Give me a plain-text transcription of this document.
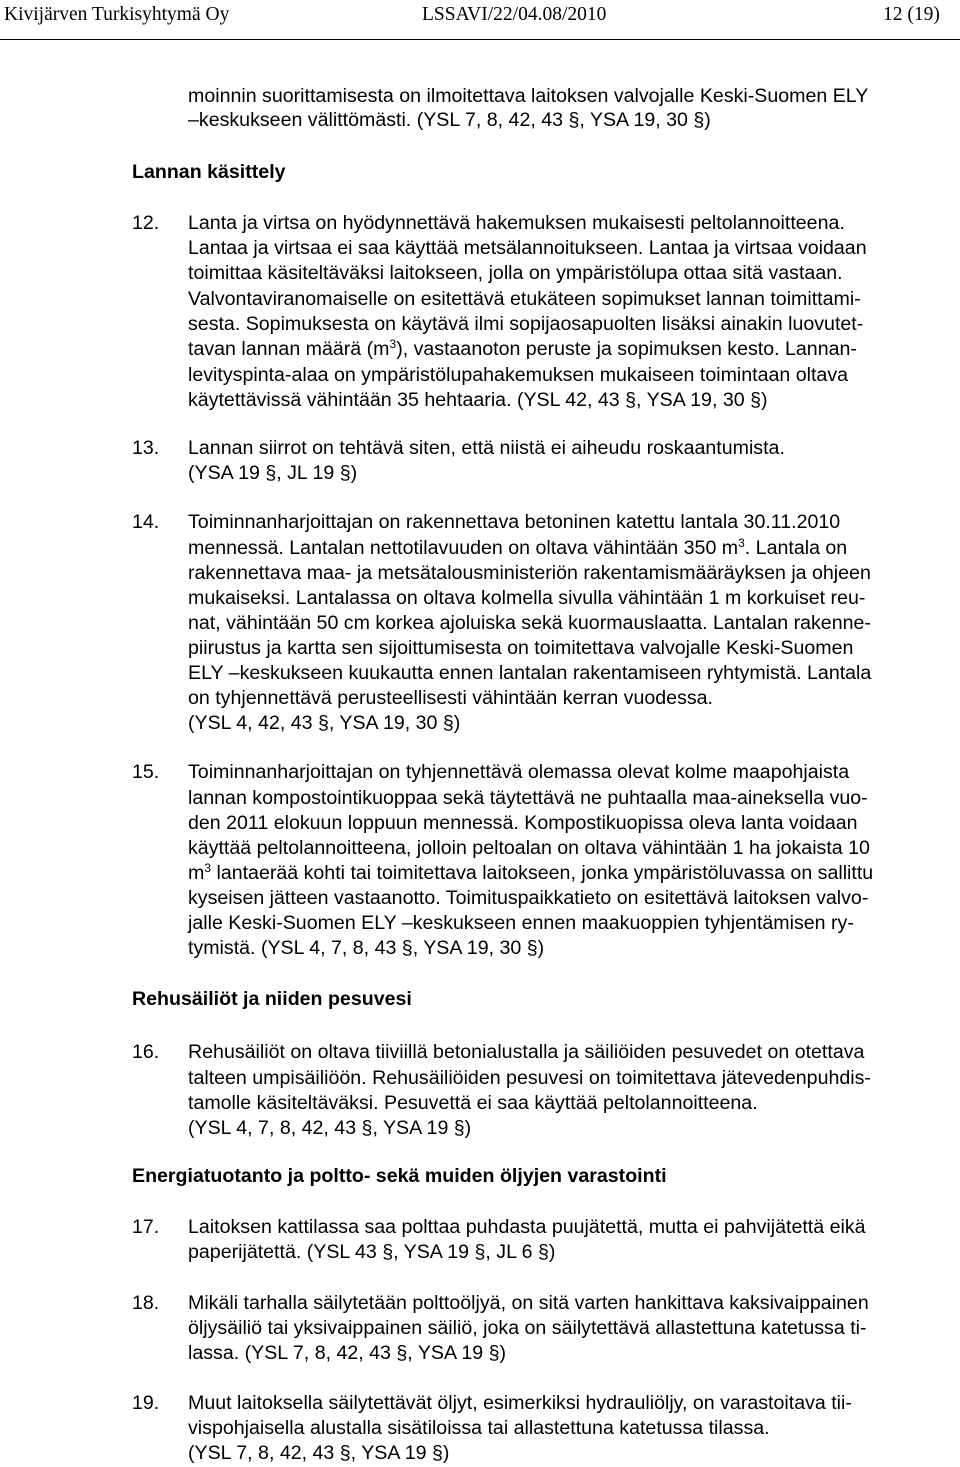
Kivijärven Turkisyhtymä Oy	LSSAVI/22/04.08/2010	12 (19)
moinnin suorittamisesta on ilmoitettava laitoksen valvojalle Keski-Suomen ELY
–keskukseen välittömästi. (YSL 7, 8, 42, 43 §, YSA 19, 30 §)
Lannan käsittely
12. Lanta ja virtsa on hyödynnettävä hakemuksen mukaisesti peltolannoitteena.
Lantaa ja virtsaa ei saa käyttää metsälannoitukseen. Lantaa ja virtsaa voidaan
toimittaa käsiteltäväksi laitokseen, jolla on ympäristölupa ottaa sitä vastaan.
Valvontaviranomaiselle on esitettävä etukäteen sopimukset lannan toimittami-
sesta. Sopimuksesta on käytävä ilmi sopijaosapuolten lisäksi ainakin luovutet-
tavan lannan määrä $(m^3)$, vastaanoton peruste ja sopimuksen kesto. Lannan-
levityspinta-alaa on ympäristölupahakemuksen mukaiseen toimintaan oltava
käytettävissä vähintään 35 hehtaaria. (YSL 42, 43 §, YSA 19, 30 §)
13. Lannan siirrot on tehtävä siten, että niistä ei aiheudu roskaantumista.
(YSA 19 §, JL 19 §)
14. Toiminnanharjoittajan on rakennettava betoninen katettu lantala 30.11.2010
mennessä. Lantalan nettotilavuuden on oltava vähintään 350 $m^3$. Lantala on
rakennettava maa- ja metsätalousministeriön rakentamismääräyksen ja ohjeen
mukaiseksi. Lantalassa on oltava kolmella sivulla vähintään 1 m korkuiset reu-
nat, vähintään 50 cm korkea ajoluiska sekä kuormauslaatta. Lantalan rakenne-
piirustus ja kartta sen sijoittumisesta on toimitettava valvojalle Keski-Suomen
ELY –keskukseen kuukautta ennen lantalan rakentamiseen ryhtymistä. Lantala
on tyhjennettävä perusteellisesti vähintään kerran vuodessa.
(YSL 4, 42, 43 §, YSA 19, 30 §)
15. Toiminnanharjoittajan on tyhjennettävä olemassa olevat kolme maapohjaista
lannan kompostointikuoppaa sekä täytettävä ne puhtaalla maa-aineksella vuo-
den 2011 elokuun loppuun mennessä. Kompostikuopissa oleva lanta voidaan
käyttää peltolannoitteena, jolloin peltoalan on oltava vähintään 1 ha jokaista 10
$m^3$ lantaerää kohti tai toimitettava laitokseen, jonka ympäristöluvassa on sallittu
kyseisen jätteen vastaanotto. Toimituspaikkatieto on esitettävä laitoksen valvo-
jalle Keski-Suomen ELY –keskukseen ennen maakuoppien tyhjentämisen ry-
tymistä. (YSL 4, 7, 8, 43 §, YSA 19, 30 §)
Rehusäiliöt ja niiden pesuvesi
16. Rehusäiliöt on oltava tiiviillä betonialustalla ja säiliöiden pesuvedet on otettava
talteen umpisäiliöön. Rehusäiliöiden pesuvesi on toimitettava jätevedenpuhdis-
tamolle käsiteltäväksi. Pesuvettä ei saa käyttää peltolannoitteena.
(YSL 4, 7, 8, 42, 43 §, YSA 19 §)
Energiatuotanto ja poltto- sekä muiden öljyjen varastointi
17. Laitoksen kattilassa saa polttaa puhdasta puujätettä, mutta ei pahvijätettä eikä
paperijätettä. (YSL 43 §, YSA 19 §, JL 6 §)
18. Mikäli tarhalla säilytetään polttoöljyä, on sitä varten hankittava kaksivaippainen
öljysäiliö tai yksivaippainen säiliö, joka on säilytettävä allastettuna katetussa ti-
lassa. (YSL 7, 8, 42, 43 §, YSA 19 §)
19. Muut laitoksella säilytettävät öljyt, esimerkiksi hydrauliöljy, on varastoitava tii-
vispohjaisella alustalla sisätiloissa tai allastettuna katetussa tilassa.
(YSL 7, 8, 42, 43 §, YSA 19 §)
